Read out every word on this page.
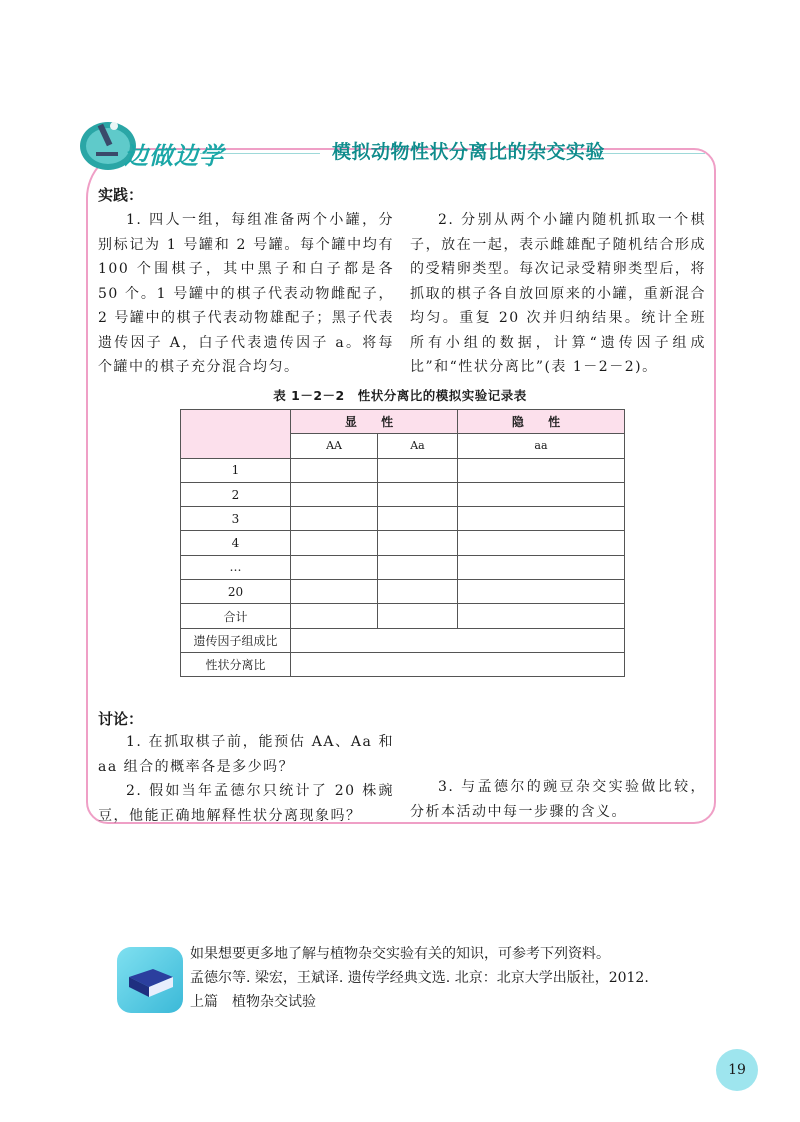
边做边学	模拟动物性状分离比的杂交实验
实践：
1. 四人一组，每组准备两个小罐，分别标记为 1 号罐和 2 号罐。每个罐中均有 100 个围棋子，其中黑子和白子都是各 50 个。1 号罐中的棋子代表动物雌配子，2 号罐中的棋子代表动物雄配子；黑子代表遗传因子 A，白子代表遗传因子 a。将每个罐中的棋子充分混合均匀。
2. 分别从两个小罐内随机抓取一个棋子，放在一起，表示雌雄配子随机结合形成的受精卵类型。每次记录受精卵类型后，将抓取的棋子各自放回原来的小罐，重新混合均匀。重复 20 次并归纳结果。统计全班所有小组的数据，计算“遗传因子组成比”和“性状分离比”(表 1－2－2)。
表 1－2－2　性状分离比的模拟实验记录表
	显 性		隐 性
	AA	Aa	aa
1			
2			
3			
4			
…			
20			
合计			
遗传因子组成比			
性状分离比			
讨论：
1. 在抓取棋子前，能预估 AA、Aa 和 aa 组合的概率各是多少吗？
2. 假如当年孟德尔只统计了 20 株豌豆，他能正确地解释性状分离现象吗？
3. 与孟德尔的豌豆杂交实验做比较，分析本活动中每一步骤的含义。
如果想要更多地了解与植物杂交实验有关的知识，可参考下列资料。
孟德尔等. 梁宏，王斌译. 遗传学经典文选. 北京：北京大学出版社，2012.
上篇　植物杂交试验
19
